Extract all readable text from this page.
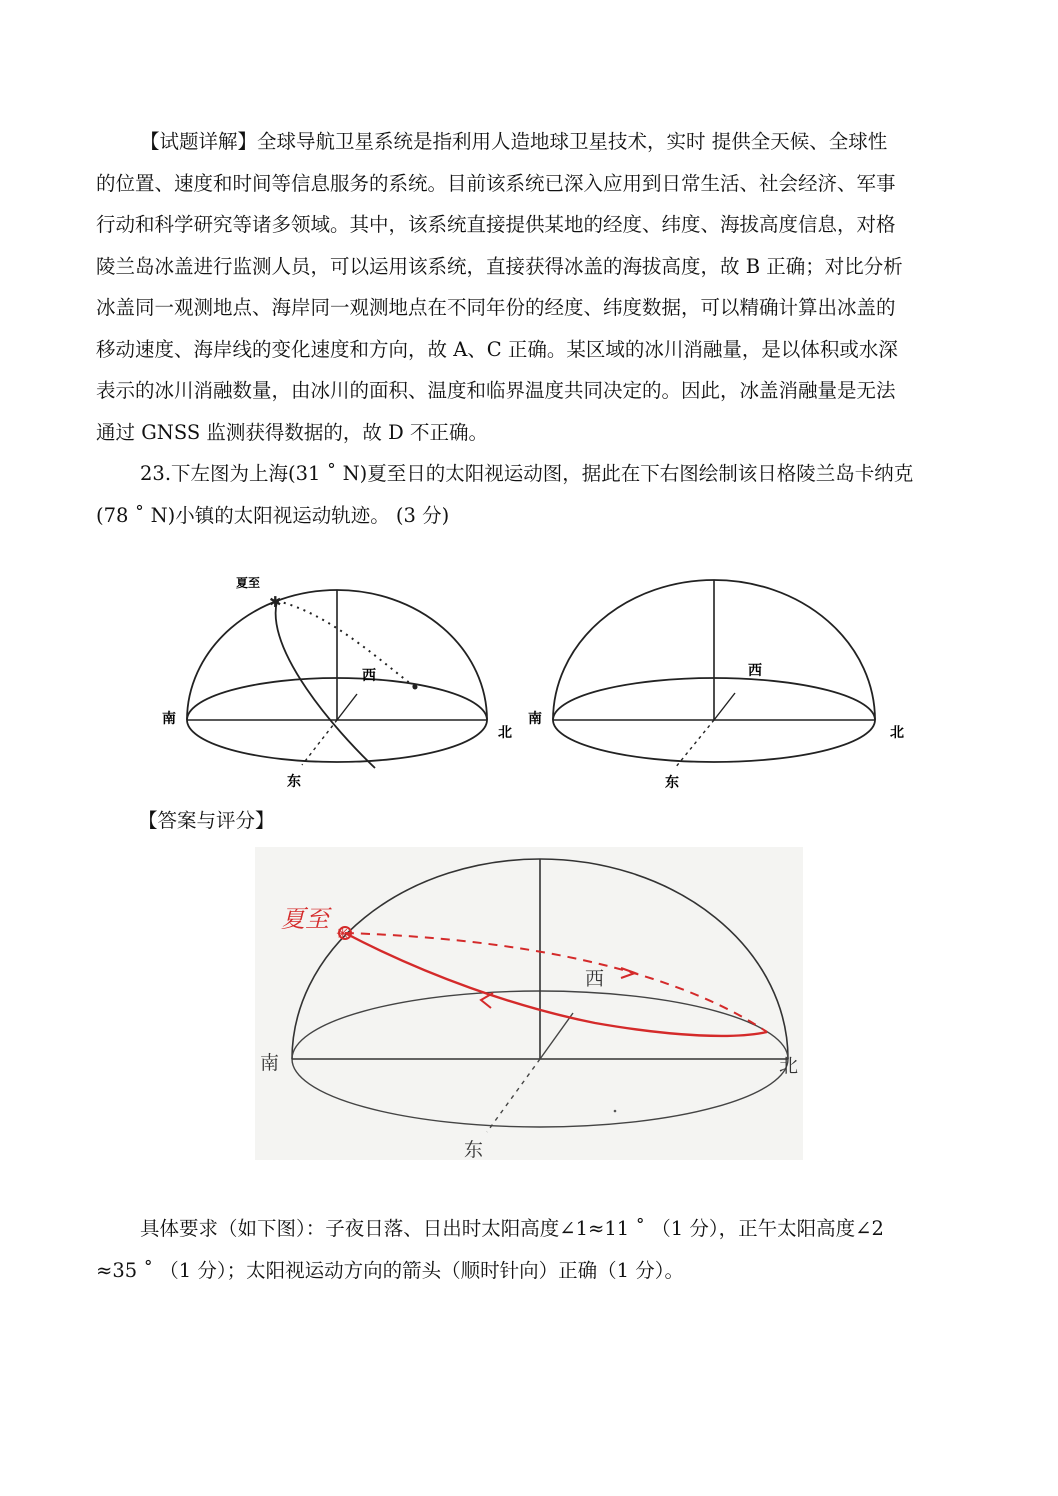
【试题详解】全球导航卫星系统是指利用人造地球卫星技术，实时 提供全天候、全球性
的位置、速度和时间等信息服务的系统。目前该系统已深入应用到日常生活、社会经济、军事
行动和科学研究等诸多领域。其中，该系统直接提供某地的经度、纬度、海拔高度信息，对格
陵兰岛冰盖进行监测人员，可以运用该系统，直接获得冰盖的海拔高度，故 B 正确；对比分析
冰盖同一观测地点、海岸同一观测地点在不同年份的经度、纬度数据，可以精确计算出冰盖的
移动速度、海岸线的变化速度和方向，故 A、C 正确。某区域的冰川消融量，是以体积或水深
表示的冰川消融数量，由冰川的面积、温度和临界温度共同决定的。因此，冰盖消融量是无法
通过 GNSS 监测获得数据的，故 D 不正确。
23.下左图为上海(31 ˚ N)夏至日的太阳视运动图，据此在下右图绘制该日格陵兰岛卡纳克
(78 ˚ N)小镇的太阳视运动轨迹。 (3 分)
✱
夏至
西
南
北
东
西
南
北
东
【答案与评分】
✳
夏至
西
南	北
东
具体要求（如下图）：子夜日落、日出时太阳高度∠1≈11 ˚ （1 分），正午太阳高度∠2
≈35 ˚ （1 分）；太阳视运动方向的箭头（顺时针向）正确（1 分）。
